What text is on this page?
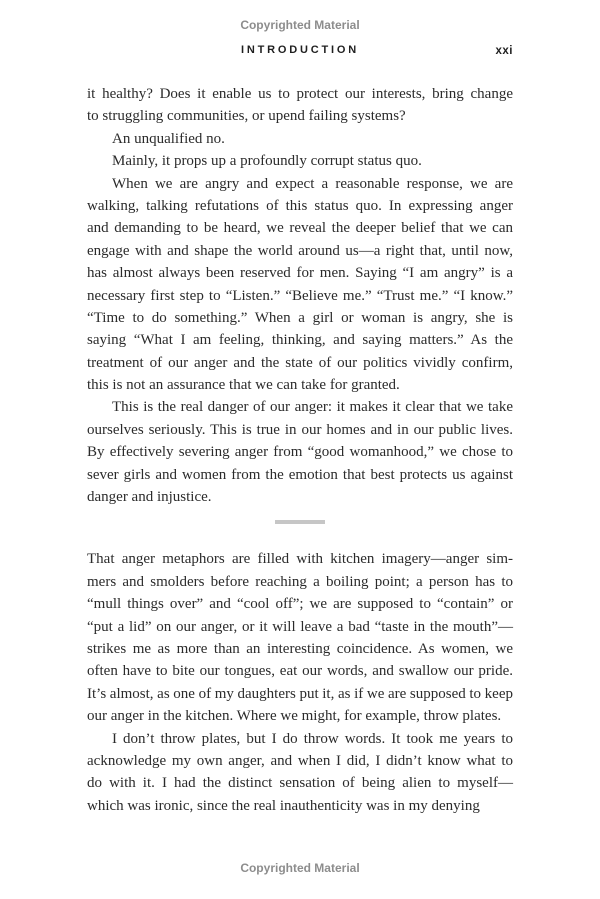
Copyrighted Material
INTRODUCTION	xxi
it healthy? Does it enable us to protect our interests, bring change
to struggling communities, or upend failing systems?
An unqualified no.
Mainly, it props up a profoundly corrupt status quo.
When we are angry and expect a reasonable response, we are
walking, talking refutations of this status quo. In expressing anger
and demanding to be heard, we reveal the deeper belief that we can
engage with and shape the world around us—a right that, until now,
has almost always been reserved for men. Saying “I am angry” is a
necessary first step to “Listen.” “Believe me.” “Trust me.” “I know.”
“Time to do something.” When a girl or woman is angry, she is
saying “What I am feeling, thinking, and saying matters.” As the
treatment of our anger and the state of our politics vividly confirm,
this is not an assurance that we can take for granted.
This is the real danger of our anger: it makes it clear that we take
ourselves seriously. This is true in our homes and in our public lives.
By effectively severing anger from “good womanhood,” we chose to
sever girls and women from the emotion that best protects us against
danger and injustice.
That anger metaphors are filled with kitchen imagery—anger sim-
mers and smolders before reaching a boiling point; a person has to
“mull things over” and “cool off”; we are supposed to “contain” or
“put a lid” on our anger, or it will leave a bad “taste in the mouth”—
strikes me as more than an interesting coincidence. As women, we
often have to bite our tongues, eat our words, and swallow our pride.
It’s almost, as one of my daughters put it, as if we are supposed to keep
our anger in the kitchen. Where we might, for example, throw plates.
I don’t throw plates, but I do throw words. It took me years to
acknowledge my own anger, and when I did, I didn’t know what to
do with it. I had the distinct sensation of being alien to myself—
which was ironic, since the real inauthenticity was in my denying
Copyrighted Material
